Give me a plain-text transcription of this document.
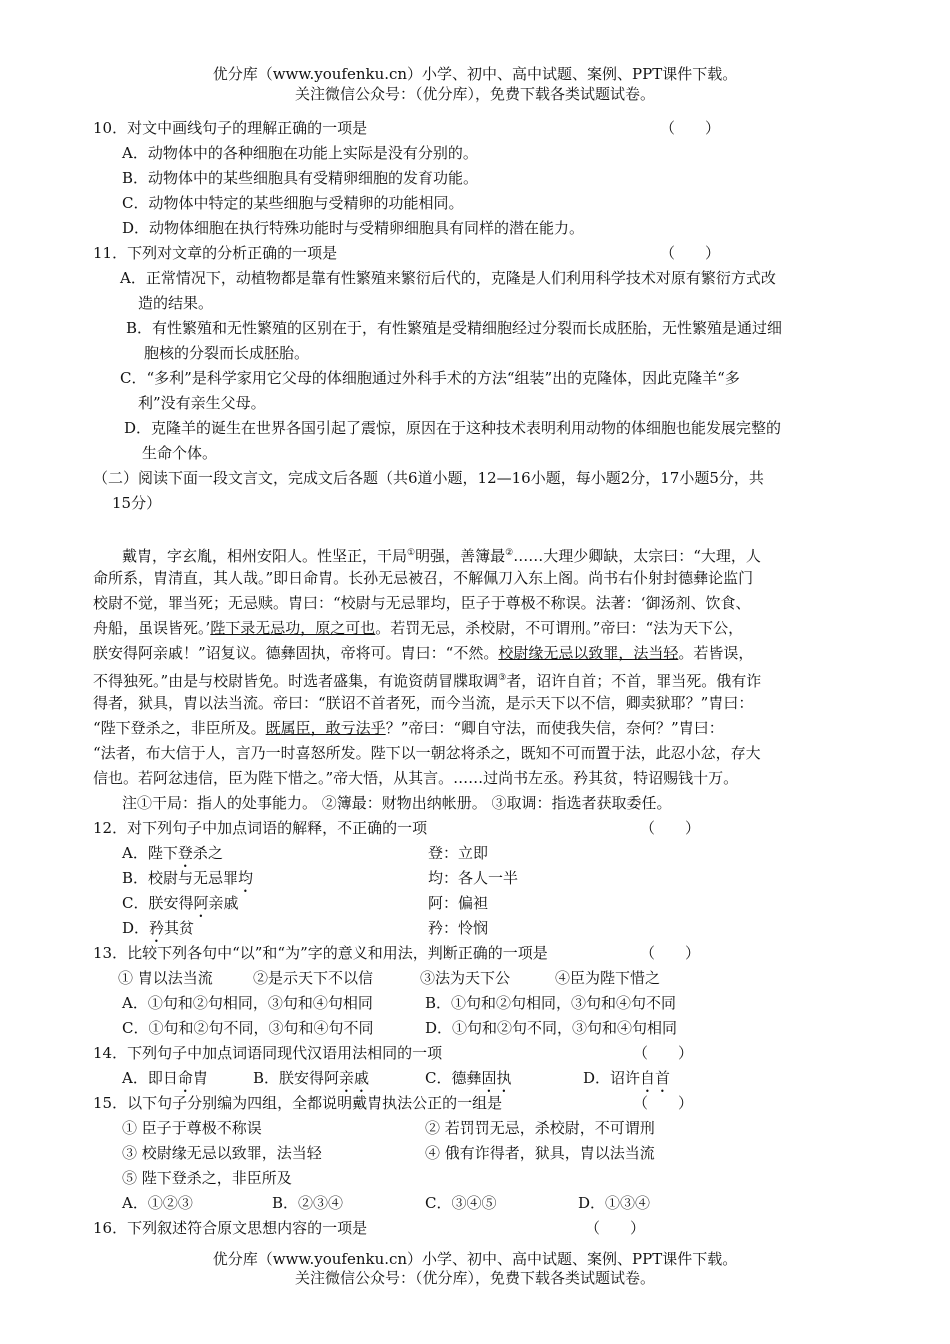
优分库（www.youfenku.cn）小学、初中、高中试题、案例、PPT课件下载。
关注微信公众号：（优分库），免费下载各类试题试卷。
10．对文中画线句子的理解正确的一项是	（　　）
A．动物体中的各种细胞在功能上实际是没有分别的。
B．动物体中的某些细胞具有受精卵细胞的发育功能。
C．动物体中特定的某些细胞与受精卵的功能相同。
D．动物体细胞在执行特殊功能时与受精卵细胞具有同样的潜在能力。
11．下列对文章的分析正确的一项是	（　　）
A．正常情况下，动植物都是靠有性繁殖来繁衍后代的，克隆是人们利用科学技术对原有繁衍方式改
造的结果。
B．有性繁殖和无性繁殖的区别在于，有性繁殖是受精细胞经过分裂而长成胚胎，无性繁殖是通过细
胞核的分裂而长成胚胎。
C．“多利”是科学家用它父母的体细胞通过外科手术的方法“组装”出的克隆体，因此克隆羊“多
利”没有亲生父母。
D．克隆羊的诞生在世界各国引起了震惊，原因在于这种技术表明利用动物的体细胞也能发展完整的
生命个体。
（二）阅读下面一段文言文，完成文后各题（共6道小题，12—16小题，每小题2分，17小题5分，共
15分）
戴胄，字玄胤，相州安阳人。性坚正，干局①明强，善簿最②……大理少卿缺，太宗曰：“大理，人
命所系，胄清直，其人哉。”即日命胄。长孙无忌被召，不解佩刀入东上阁。尚书右仆射封德彝论监门
校尉不觉，罪当死；无忌赎。胄曰：“校尉与无忌罪均，臣子于尊极不称误。法著：‘御汤剂、饮食、
舟船，虽误皆死。’陛下录无忌功，原之可也。若罚无忌，杀校尉，不可谓刑。”帝曰：“法为天下公，
朕安得阿亲戚！”诏复议。德彝固执，帝将可。胄曰：“不然。校尉缘无忌以致罪，法当轻。若皆误，
不得独死。”由是与校尉皆免。时选者盛集，有诡资荫冒牒取调③者，诏许自首；不首，罪当死。俄有诈
得者，狱具，胄以法当流。帝曰：“朕诏不首者死，而今当流，是示天下以不信，卿卖狱耶？”胄曰：
“陛下登杀之，非臣所及。既属臣，敢亏法乎？”帝曰：“卿自守法，而使我失信，奈何？”胄曰：
“法者，布大信于人，言乃一时喜怒所发。陛下以一朝忿将杀之，既知不可而置于法，此忍小忿，存大
信也。若阿忿违信，臣为陛下惜之。”帝大悟，从其言。……过尚书左丞。矜其贫，特诏赐钱十万。
注①干局：指人的处事能力。 ②簿最：财物出纳帐册。 ③取调：指选者获取委任。
12．对下列句子中加点词语的解释，不正确的一项	（　　）
A．陛下登杀之	登：立即
B．校尉与无忌罪均	均：各人一半
C．朕安得阿亲戚	阿：偏袒
D．矜其贫	矜：怜悯
13．比较下列各句中“以”和“为”字的意义和用法，判断正确的一项是	（　　）
① 胄以法当流	②是示天下不以信	③法为天下公	④臣为陛下惜之
A．①句和②句相同，③句和④句相同	B．①句和②句相同，③句和④句不同
C．①句和②句不同，③句和④句不同	D．①句和②句不同，③句和④句相同
14．下列句子中加点词语同现代汉语用法相同的一项	（　　）
A．即日命胄	B．朕安得阿亲戚	C．德彝固执	D．诏许自首
15．以下句子分别编为四组，全都说明戴胄执法公正的一组是	（　　）
① 臣子于尊极不称误	② 若罚罚无忌，杀校尉，不可谓刑
③ 校尉缘无忌以致罪，法当轻	④ 俄有诈得者，狱具，胄以法当流
⑤ 陛下登杀之，非臣所及
A．①②③	B．②③④	C．③④⑤	D．①③④
16．下列叙述符合原文思想内容的一项是	（　　）
优分库（www.youfenku.cn）小学、初中、高中试题、案例、PPT课件下载。
关注微信公众号：（优分库），免费下载各类试题试卷。
